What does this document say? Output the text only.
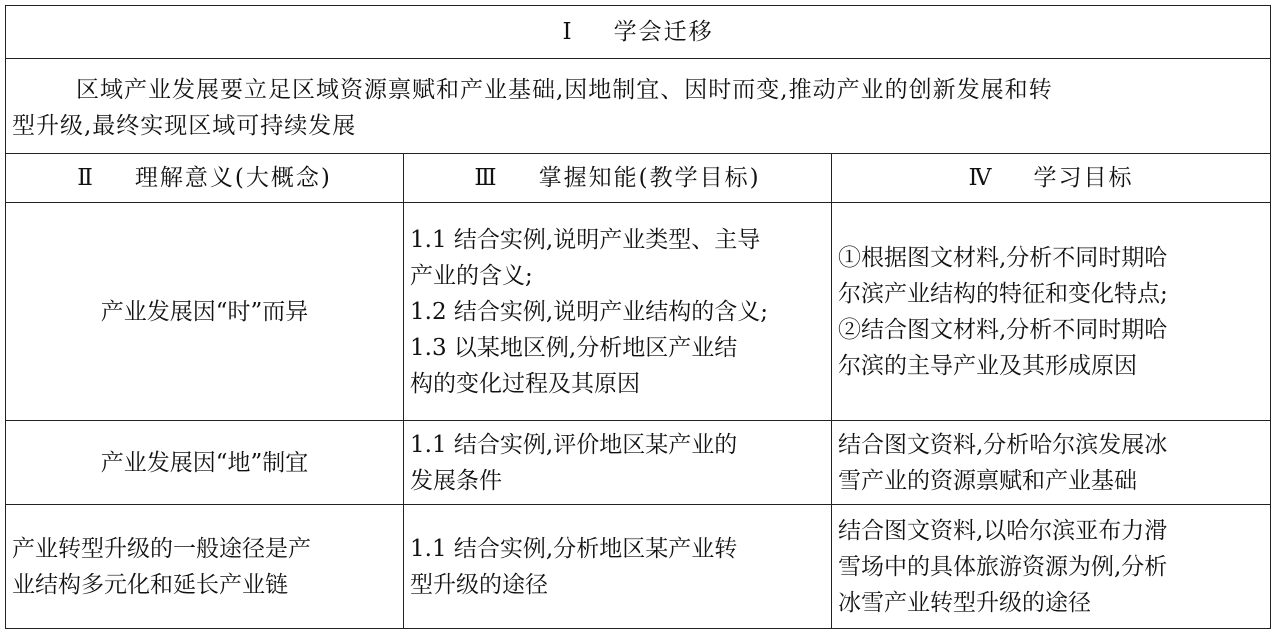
Ⅰ 学会迁移		

区域产业发展要立足区域资源禀赋和产业基础,因地制宜、因时而变,推动产业的创新发展和转
型升级,最终实现区域可持续发展		

Ⅱ 理解意义(大概念)	Ⅲ 掌握知能(教学目标)	Ⅳ 学习目标

产业发展因“时”而异	1.1 结合实例,说明产业类型、主导
产业的含义;
1.2 结合实例,说明产业结构的含义;
1.3 以某地区例,分析地区产业结
构的变化过程及其原因	①根据图文材料,分析不同时期哈
尔滨产业结构的特征和变化特点;
②结合图文材料,分析不同时期哈
尔滨的主导产业及其形成原因

产业发展因“地”制宜	1.1 结合实例,评价地区某产业的
发展条件	结合图文资料,分析哈尔滨发展冰
雪产业的资源禀赋和产业基础

产业转型升级的一般途径是产
业结构多元化和延长产业链	1.1 结合实例,分析地区某产业转
型升级的途径	结合图文资料,以哈尔滨亚布力滑
雪场中的具体旅游资源为例,分析
冰雪产业转型升级的途径
